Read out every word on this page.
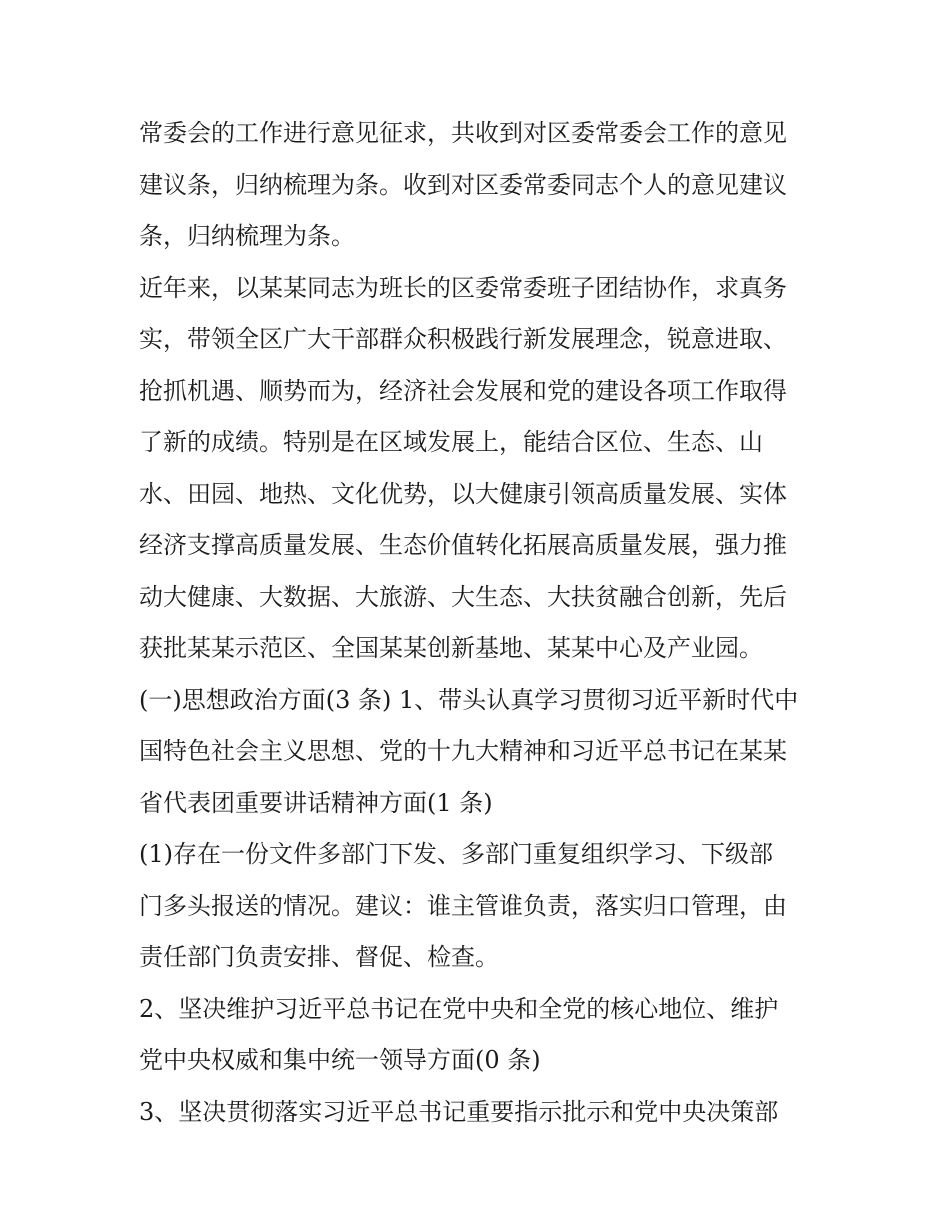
常委会的工作进行意见征求，共收到对区委常委会工作的意见
建议条，归纳梳理为条。收到对区委常委同志个人的意见建议
条，归纳梳理为条。
近年来，以某某同志为班长的区委常委班子团结协作，求真务
实，带领全区广大干部群众积极践行新发展理念，锐意进取、
抢抓机遇、顺势而为，经济社会发展和党的建设各项工作取得
了新的成绩。特别是在区域发展上，能结合区位、生态、山
水、田园、地热、文化优势，以大健康引领高质量发展、实体
经济支撑高质量发展、生态价值转化拓展高质量发展，强力推
动大健康、大数据、大旅游、大生态、大扶贫融合创新，先后
获批某某示范区、全国某某创新基地、某某中心及产业园。
(一)思想政治方面(3 条) 1、带头认真学习贯彻习近平新时代中
国特色社会主义思想、党的十九大精神和习近平总书记在某某
省代表团重要讲话精神方面(1 条)
(1)存在一份文件多部门下发、多部门重复组织学习、下级部
门多头报送的情况。建议：谁主管谁负责，落实归口管理，由
责任部门负责安排、督促、检查。
2、坚决维护习近平总书记在党中央和全党的核心地位、维护
党中央权威和集中统一领导方面(0 条)
3、坚决贯彻落实习近平总书记重要指示批示和党中央决策部
